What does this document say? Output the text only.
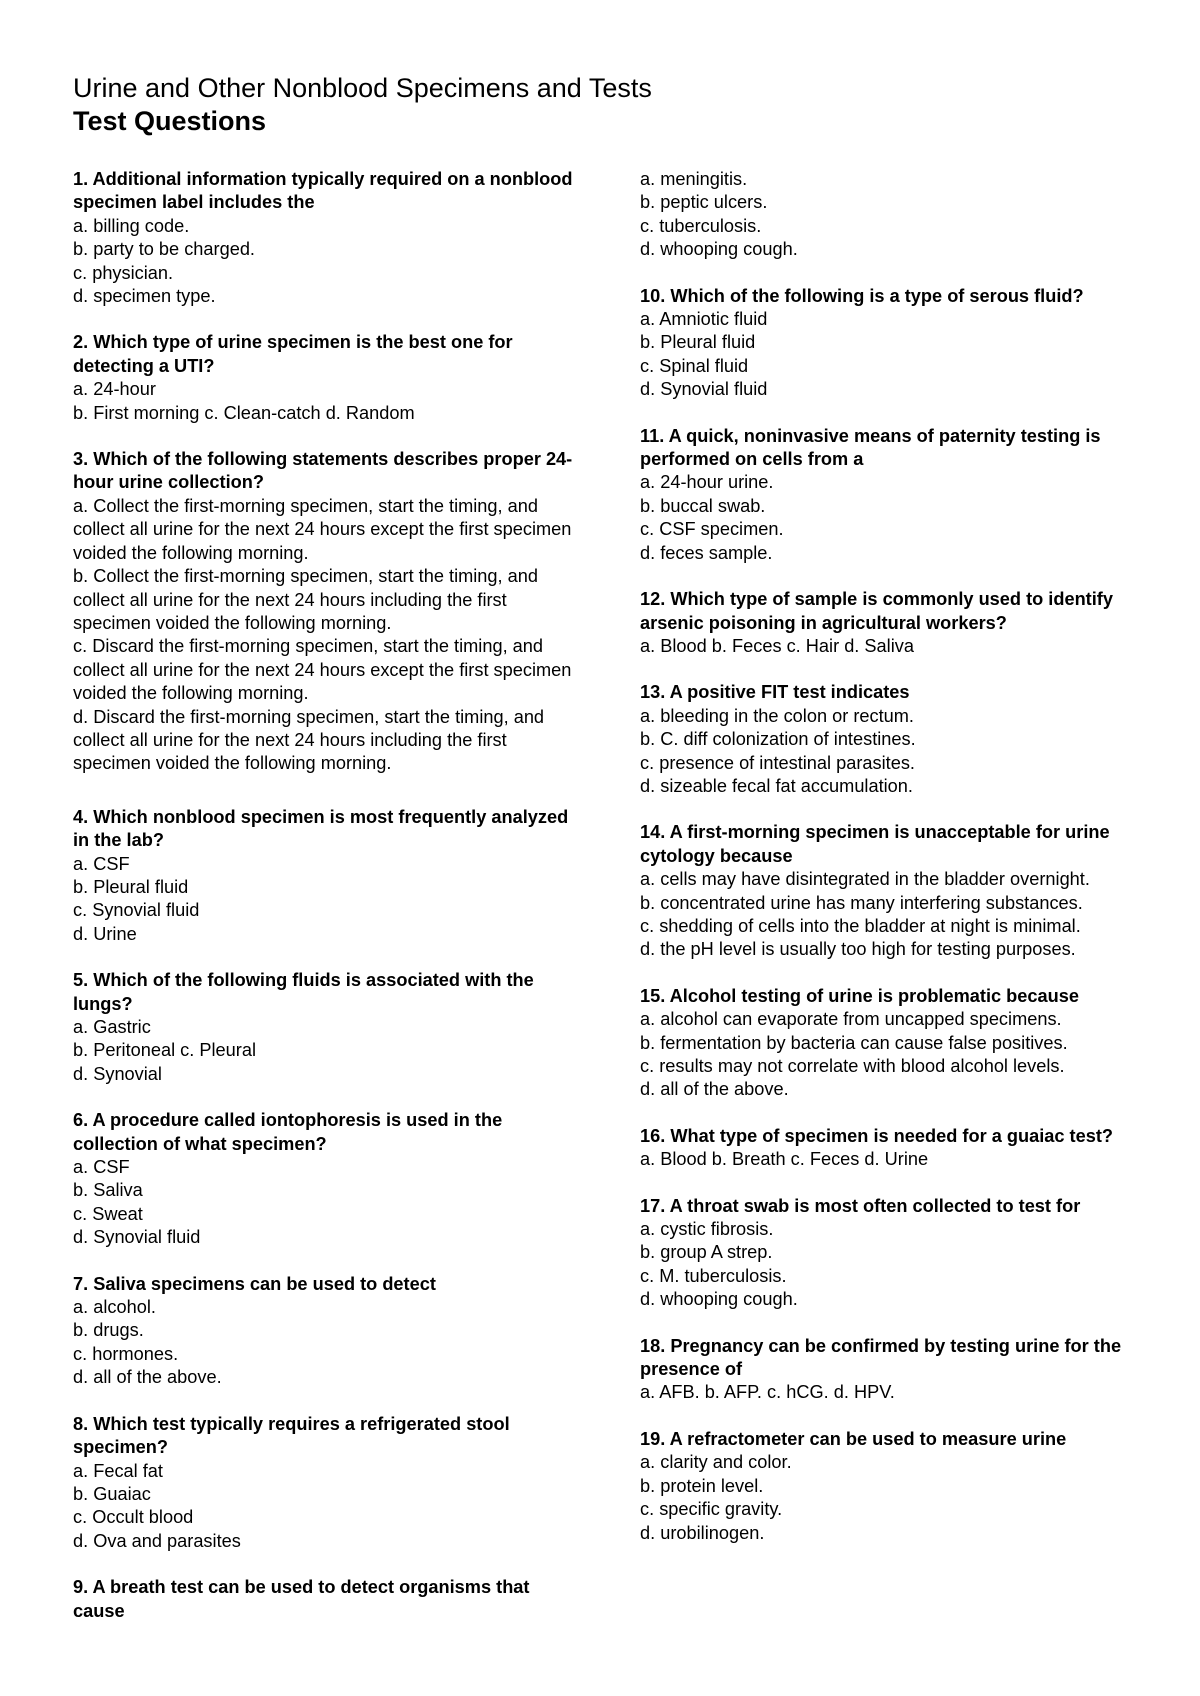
Urine and Other Nonblood Specimens and Tests
Test Questions
1. Additional information typically required on a nonblood specimen label includes the
a. billing code.
b. party to be charged.
c. physician.
d. specimen type.
2. Which type of urine specimen is the best one for detecting a UTI?
a. 24-hour
b. First morning c. Clean-catch d. Random
3. Which of the following statements describes proper 24-hour urine collection?
a. Collect the first-morning specimen, start the timing, and collect all urine for the next 24 hours except the first specimen voided the following morning.
b. Collect the first-morning specimen, start the timing, and collect all urine for the next 24 hours including the first specimen voided the following morning.
c. Discard the first-morning specimen, start the timing, and collect all urine for the next 24 hours except the first specimen voided the following morning.
d. Discard the first-morning specimen, start the timing, and collect all urine for the next 24 hours including the first specimen voided the following morning.
4. Which nonblood specimen is most frequently analyzed in the lab?
a. CSF
b. Pleural fluid
c. Synovial fluid
d. Urine
5. Which of the following fluids is associated with the lungs?
a. Gastric
b. Peritoneal c. Pleural
d. Synovial
6. A procedure called iontophoresis is used in the collection of what specimen?
a. CSF
b. Saliva
c. Sweat
d. Synovial fluid
7. Saliva specimens can be used to detect
a. alcohol.
b. drugs.
c. hormones.
d. all of the above.
8. Which test typically requires a refrigerated stool specimen?
a. Fecal fat
b. Guaiac
c. Occult blood
d. Ova and parasites
9. A breath test can be used to detect organisms that cause
a. meningitis.
b. peptic ulcers.
c. tuberculosis.
d. whooping cough.
10. Which of the following is a type of serous fluid?
a. Amniotic fluid
b. Pleural fluid
c. Spinal fluid
d. Synovial fluid
11. A quick, noninvasive means of paternity testing is performed on cells from a
a. 24-hour urine.
b. buccal swab.
c. CSF specimen.
d. feces sample.
12. Which type of sample is commonly used to identify arsenic poisoning in agricultural workers?
a. Blood b. Feces c. Hair d. Saliva
13. A positive FIT test indicates
a. bleeding in the colon or rectum.
b. C. diff colonization of intestines.
c. presence of intestinal parasites.
d. sizeable fecal fat accumulation.
14. A first-morning specimen is unacceptable for urine cytology because
a. cells may have disintegrated in the bladder overnight.
b. concentrated urine has many interfering substances.
c. shedding of cells into the bladder at night is minimal.
d. the pH level is usually too high for testing purposes.
15. Alcohol testing of urine is problematic because
a. alcohol can evaporate from uncapped specimens.
b. fermentation by bacteria can cause false positives.
c. results may not correlate with blood alcohol levels.
d. all of the above.
16. What type of specimen is needed for a guaiac test?
a. Blood b. Breath c. Feces d. Urine
17. A throat swab is most often collected to test for
a. cystic fibrosis.
b. group A strep.
c. M. tuberculosis.
d. whooping cough.
18. Pregnancy can be confirmed by testing urine for the presence of
a. AFB. b. AFP. c. hCG. d. HPV.
19. A refractometer can be used to measure urine
a. clarity and color.
b. protein level.
c. specific gravity.
d. urobilinogen.
